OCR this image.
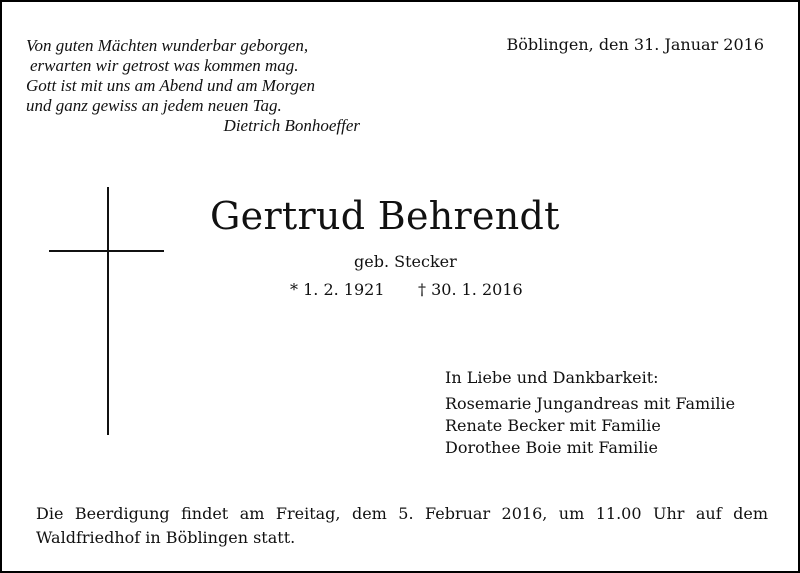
Von guten Mächten wunderbar geborgen,
erwarten wir getrost was kommen mag.
Gott ist mit uns am Abend und am Morgen
und ganz gewiss an jedem neuen Tag.
Dietrich Bonhoeffer
Böblingen, den 31. Januar 2016
Gertrud Behrendt
geb. Stecker
* 1. 2. 1921 † 30. 1. 2016
In Liebe und Dankbarkeit:
Rosemarie Jungandreas mit Familie
Renate Becker mit Familie
Dorothee Boie mit Familie
Die Beerdigung findet am Freitag, dem 5. Februar 2016, um 11.00 Uhr auf dem Waldfriedhof in Böblingen statt.
